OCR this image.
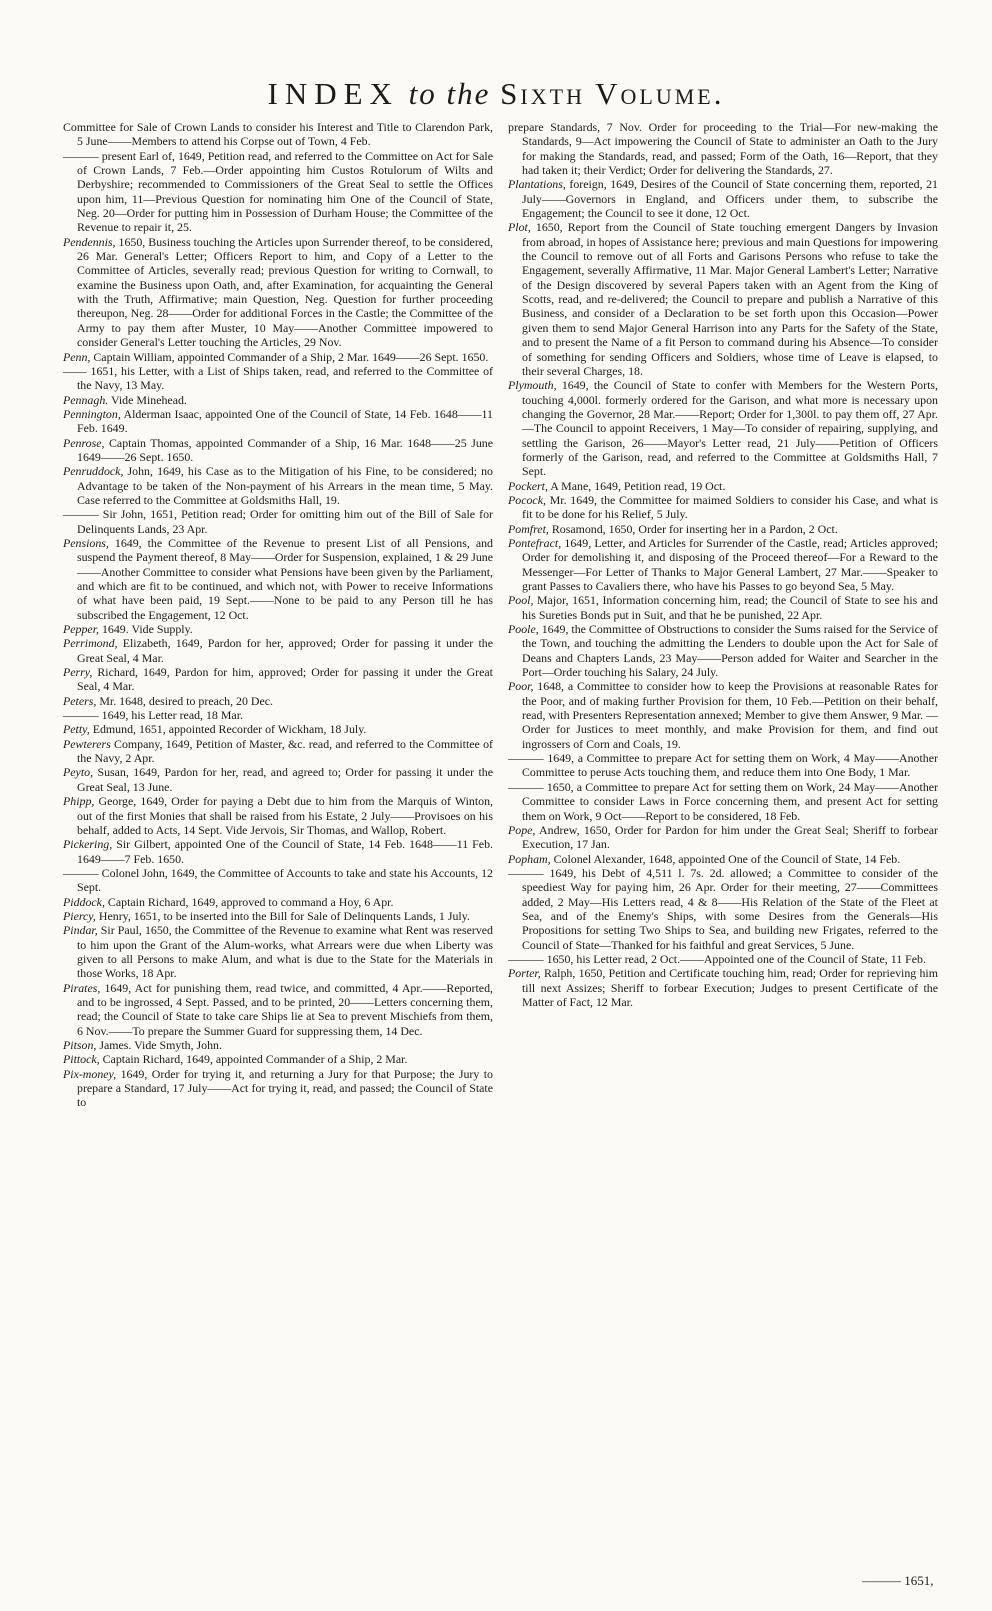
INDEX to the Sixth Volume.
Committee for Sale of Crown Lands to consider his Interest and Title to Clarendon Park, 5 June——Members to attend his Corpse out of Town, 4 Feb.
——— present Earl of, 1649, Petition read, and referred to the Committee on Act for Sale of Crown Lands, 7 Feb.—Order appointing him Custos Rotulorum of Wilts and Derbyshire; recommended to Commissioners of the Great Seal to settle the Offices upon him, 11—Previous Question for nominating him One of the Council of State, Neg. 20—Order for putting him in Possession of Durham House; the Committee of the Revenue to repair it, 25.
Pendennis, 1650, Business touching the Articles upon Surrender thereof, to be considered, 26 Mar. General's Letter; Officers Report to him, and Copy of a Letter to the Committee of Articles, severally read; previous Question for writing to Cornwall, to examine the Business upon Oath, and, after Examination, for acquainting the General with the Truth, Affirmative; main Question, Neg. Question for further proceeding thereupon, Neg. 28——Order for additional Forces in the Castle; the Committee of the Army to pay them after Muster, 10 May——Another Committee impowered to consider General's Letter touching the Articles, 29 Nov.
Penn, Captain William, appointed Commander of a Ship, 2 Mar. 1649——26 Sept. 1650.
—— 1651, his Letter, with a List of Ships taken, read, and referred to the Committee of the Navy, 13 May.
Pennagh. Vide Minehead.
Pennington, Alderman Isaac, appointed One of the Council of State, 14 Feb. 1648——11 Feb. 1649.
Penrose, Captain Thomas, appointed Commander of a Ship, 16 Mar. 1648——25 June 1649——26 Sept. 1650.
Penruddock, John, 1649, his Case as to the Mitigation of his Fine, to be considered; no Advantage to be taken of the Non-payment of his Arrears in the mean time, 5 May. Case referred to the Committee at Goldsmiths Hall, 19.
——— Sir John, 1651, Petition read; Order for omitting him out of the Bill of Sale for Delinquents Lands, 23 Apr.
Pensions, 1649, the Committee of the Revenue to present List of all Pensions, and suspend the Payment thereof, 8 May——Order for Suspension, explained, 1 & 29 June——Another Committee to consider what Pensions have been given by the Parliament, and which are fit to be continued, and which not, with Power to receive Informations of what have been paid, 19 Sept.——None to be paid to any Person till he has subscribed the Engagement, 12 Oct.
Pepper, 1649. Vide Supply.
Perrimond, Elizabeth, 1649, Pardon for her, approved; Order for passing it under the Great Seal, 4 Mar.
Perry, Richard, 1649, Pardon for him, approved; Order for passing it under the Great Seal, 4 Mar.
Peters, Mr. 1648, desired to preach, 20 Dec.
——— 1649, his Letter read, 18 Mar.
Petty, Edmund, 1651, appointed Recorder of Wickham, 18 July.
Pewterers Company, 1649, Petition of Master, &c. read, and referred to the Committee of the Navy, 2 Apr.
Peyto, Susan, 1649, Pardon for her, read, and agreed to; Order for passing it under the Great Seal, 13 June.
Phipp, George, 1649, Order for paying a Debt due to him from the Marquis of Winton, out of the first Monies that shall be raised from his Estate, 2 July——Provisoes on his behalf, added to Acts, 14 Sept. Vide Jervois, Sir Thomas, and Wallop, Robert.
Pickering, Sir Gilbert, appointed One of the Council of State, 14 Feb. 1648——11 Feb. 1649——7 Feb. 1650.
——— Colonel John, 1649, the Committee of Accounts to take and state his Accounts, 12 Sept.
Piddock, Captain Richard, 1649, approved to command a Hoy, 6 Apr.
Piercy, Henry, 1651, to be inserted into the Bill for Sale of Delinquents Lands, 1 July.
Pindar, Sir Paul, 1650, the Committee of the Revenue to examine what Rent was reserved to him upon the Grant of the Alum-works, what Arrears were due when Liberty was given to all Persons to make Alum, and what is due to the State for the Materials in those Works, 18 Apr.
Pirates, 1649, Act for punishing them, read twice, and committed, 4 Apr.——Reported, and to be ingrossed, 4 Sept. Passed, and to be printed, 20——Letters concerning them, read; the Council of State to take care Ships lie at Sea to prevent Mischiefs from them, 6 Nov.——To prepare the Summer Guard for suppressing them, 14 Dec.
Pitson, James. Vide Smyth, John.
Pittock, Captain Richard, 1649, appointed Commander of a Ship, 2 Mar.
Pix-money, 1649, Order for trying it, and returning a Jury for that Purpose; the Jury to prepare a Standard, 17 July——Act for trying it, read, and passed; the Council of State to
prepare Standards, 7 Nov. Order for proceeding to the Trial—For new-making the Standards, 9—Act impowering the Council of State to administer an Oath to the Jury for making the Standards, read, and passed; Form of the Oath, 16—Report, that they had taken it; their Verdict; Order for delivering the Standards, 27.
Plantations, foreign, 1649, Desires of the Council of State concerning them, reported, 21 July——Governors in England, and Officers under them, to subscribe the Engagement; the Council to see it done, 12 Oct.
Plot, 1650, Report from the Council of State touching emergent Dangers by Invasion from abroad, in hopes of Assistance here; previous and main Questions for impowering the Council to remove out of all Forts and Garisons Persons who refuse to take the Engagement, severally Affirmative, 11 Mar. Major General Lambert's Letter; Narrative of the Design discovered by several Papers taken with an Agent from the King of Scotts, read, and re-delivered; the Council to prepare and publish a Narrative of this Business, and consider of a Declaration to be set forth upon this Occasion—Power given them to send Major General Harrison into any Parts for the Safety of the State, and to present the Name of a fit Person to command during his Absence—To consider of something for sending Officers and Soldiers, whose time of Leave is elapsed, to their several Charges, 18.
Plymouth, 1649, the Council of State to confer with Members for the Western Ports, touching 4,000l. formerly ordered for the Garison, and what more is necessary upon changing the Governor, 28 Mar.——Report; Order for 1,300l. to pay them off, 27 Apr.—The Council to appoint Receivers, 1 May—To consider of repairing, supplying, and settling the Garison, 26——Mayor's Letter read, 21 July——Petition of Officers formerly of the Garison, read, and referred to the Committee at Goldsmiths Hall, 7 Sept.
Pockert, A Mane, 1649, Petition read, 19 Oct.
Pocock, Mr. 1649, the Committee for maimed Soldiers to consider his Case, and what is fit to be done for his Relief, 5 July.
Pomfret, Rosamond, 1650, Order for inserting her in a Pardon, 2 Oct.
Pontefract, 1649, Letter, and Articles for Surrender of the Castle, read; Articles approved; Order for demolishing it, and disposing of the Proceed thereof—For a Reward to the Messenger—For Letter of Thanks to Major General Lambert, 27 Mar.——Speaker to grant Passes to Cavaliers there, who have his Passes to go beyond Sea, 5 May.
Pool, Major, 1651, Information concerning him, read; the Council of State to see his and his Sureties Bonds put in Suit, and that he be punished, 22 Apr.
Poole, 1649, the Committee of Obstructions to consider the Sums raised for the Service of the Town, and touching the admitting the Lenders to double upon the Act for Sale of Deans and Chapters Lands, 23 May——Person added for Waiter and Searcher in the Port—Order touching his Salary, 24 July.
Poor, 1648, a Committee to consider how to keep the Provisions at reasonable Rates for the Poor, and of making further Provision for them, 10 Feb.—Petition on their behalf, read, with Presenters Representation annexed; Member to give them Answer, 9 Mar. — Order for Justices to meet monthly, and make Provision for them, and find out ingrossers of Corn and Coals, 19.
——— 1649, a Committee to prepare Act for setting them on Work, 4 May——Another Committee to peruse Acts touching them, and reduce them into One Body, 1 Mar.
——— 1650, a Committee to prepare Act for setting them on Work, 24 May——Another Committee to consider Laws in Force concerning them, and present Act for setting them on Work, 9 Oct——Report to be considered, 18 Feb.
Pope, Andrew, 1650, Order for Pardon for him under the Great Seal; Sheriff to forbear Execution, 17 Jan.
Popham, Colonel Alexander, 1648, appointed One of the Council of State, 14 Feb.
——— 1649, his Debt of 4,511 l. 7s. 2d. allowed; a Committee to consider of the speediest Way for paying him, 26 Apr. Order for their meeting, 27——Committees added, 2 May—His Letters read, 4 & 8——His Relation of the State of the Fleet at Sea, and of the Enemy's Ships, with some Desires from the Generals—His Propositions for setting Two Ships to Sea, and building new Frigates, referred to the Council of State—Thanked for his faithful and great Services, 5 June.
——— 1650, his Letter read, 2 Oct.——Appointed one of the Council of State, 11 Feb.
Porter, Ralph, 1650, Petition and Certificate touching him, read; Order for reprieving him till next Assizes; Sheriff to forbear Execution; Judges to present Certificate of the Matter of Fact, 12 Mar.
——— 1651,
